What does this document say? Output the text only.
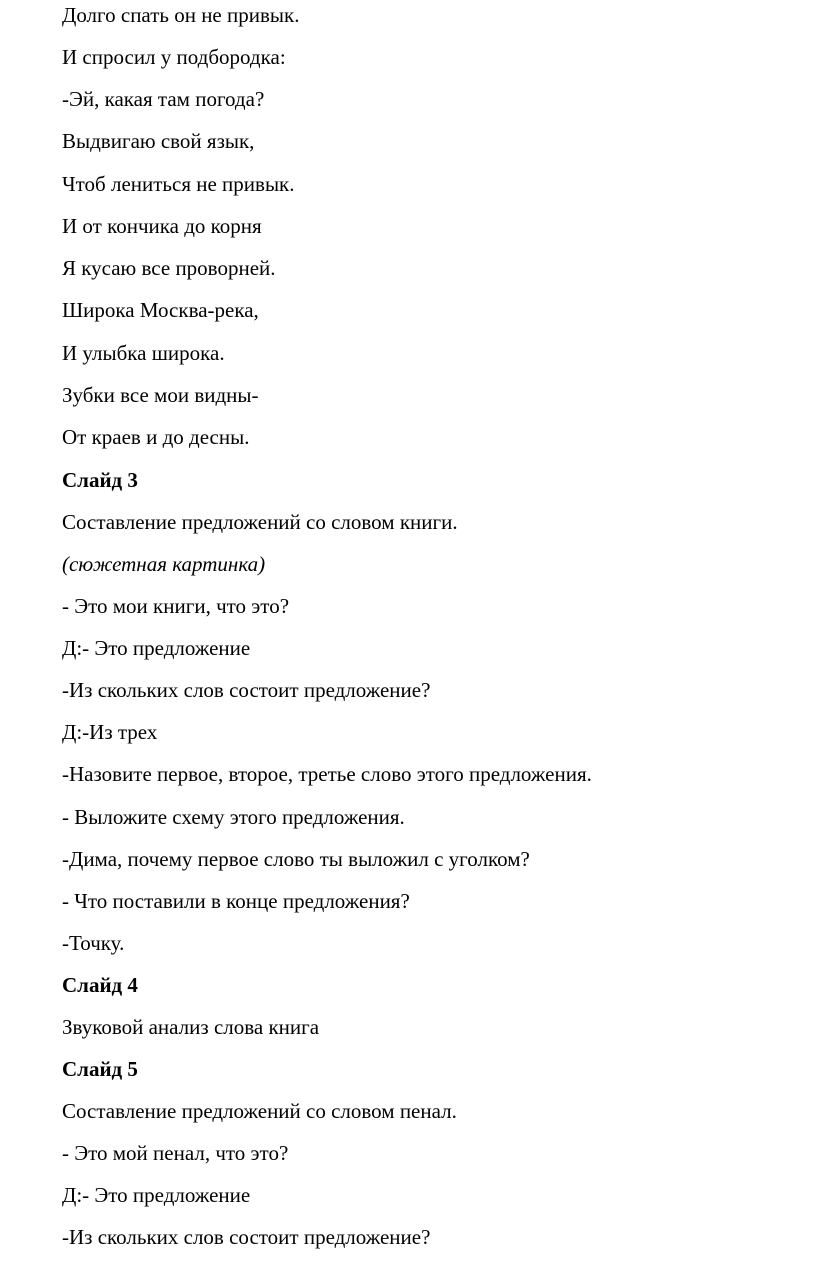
Долго спать он не привык.
И спросил у подбородка:
-Эй, какая там погода?
Выдвигаю свой язык,
Чтоб лениться не привык.
И от кончика до корня
Я кусаю все проворней.
Широка Москва-река,
И улыбка широка.
Зубки все мои видны-
От краев и до десны.
Слайд 3
Составление предложений со словом книги.
(сюжетная картинка)
- Это мои книги, что это?
Д:- Это предложение
-Из скольких слов состоит предложение?
Д:-Из трех
-Назовите первое, второе, третье слово этого предложения.
- Выложите схему этого предложения.
-Дима, почему первое слово ты выложил с уголком?
- Что поставили в конце предложения?
-Точку.
Слайд 4
Звуковой анализ слова книга
Слайд 5
Составление предложений со словом пенал.
- Это мой пенал, что это?
Д:- Это предложение
-Из скольких слов состоит предложение?
